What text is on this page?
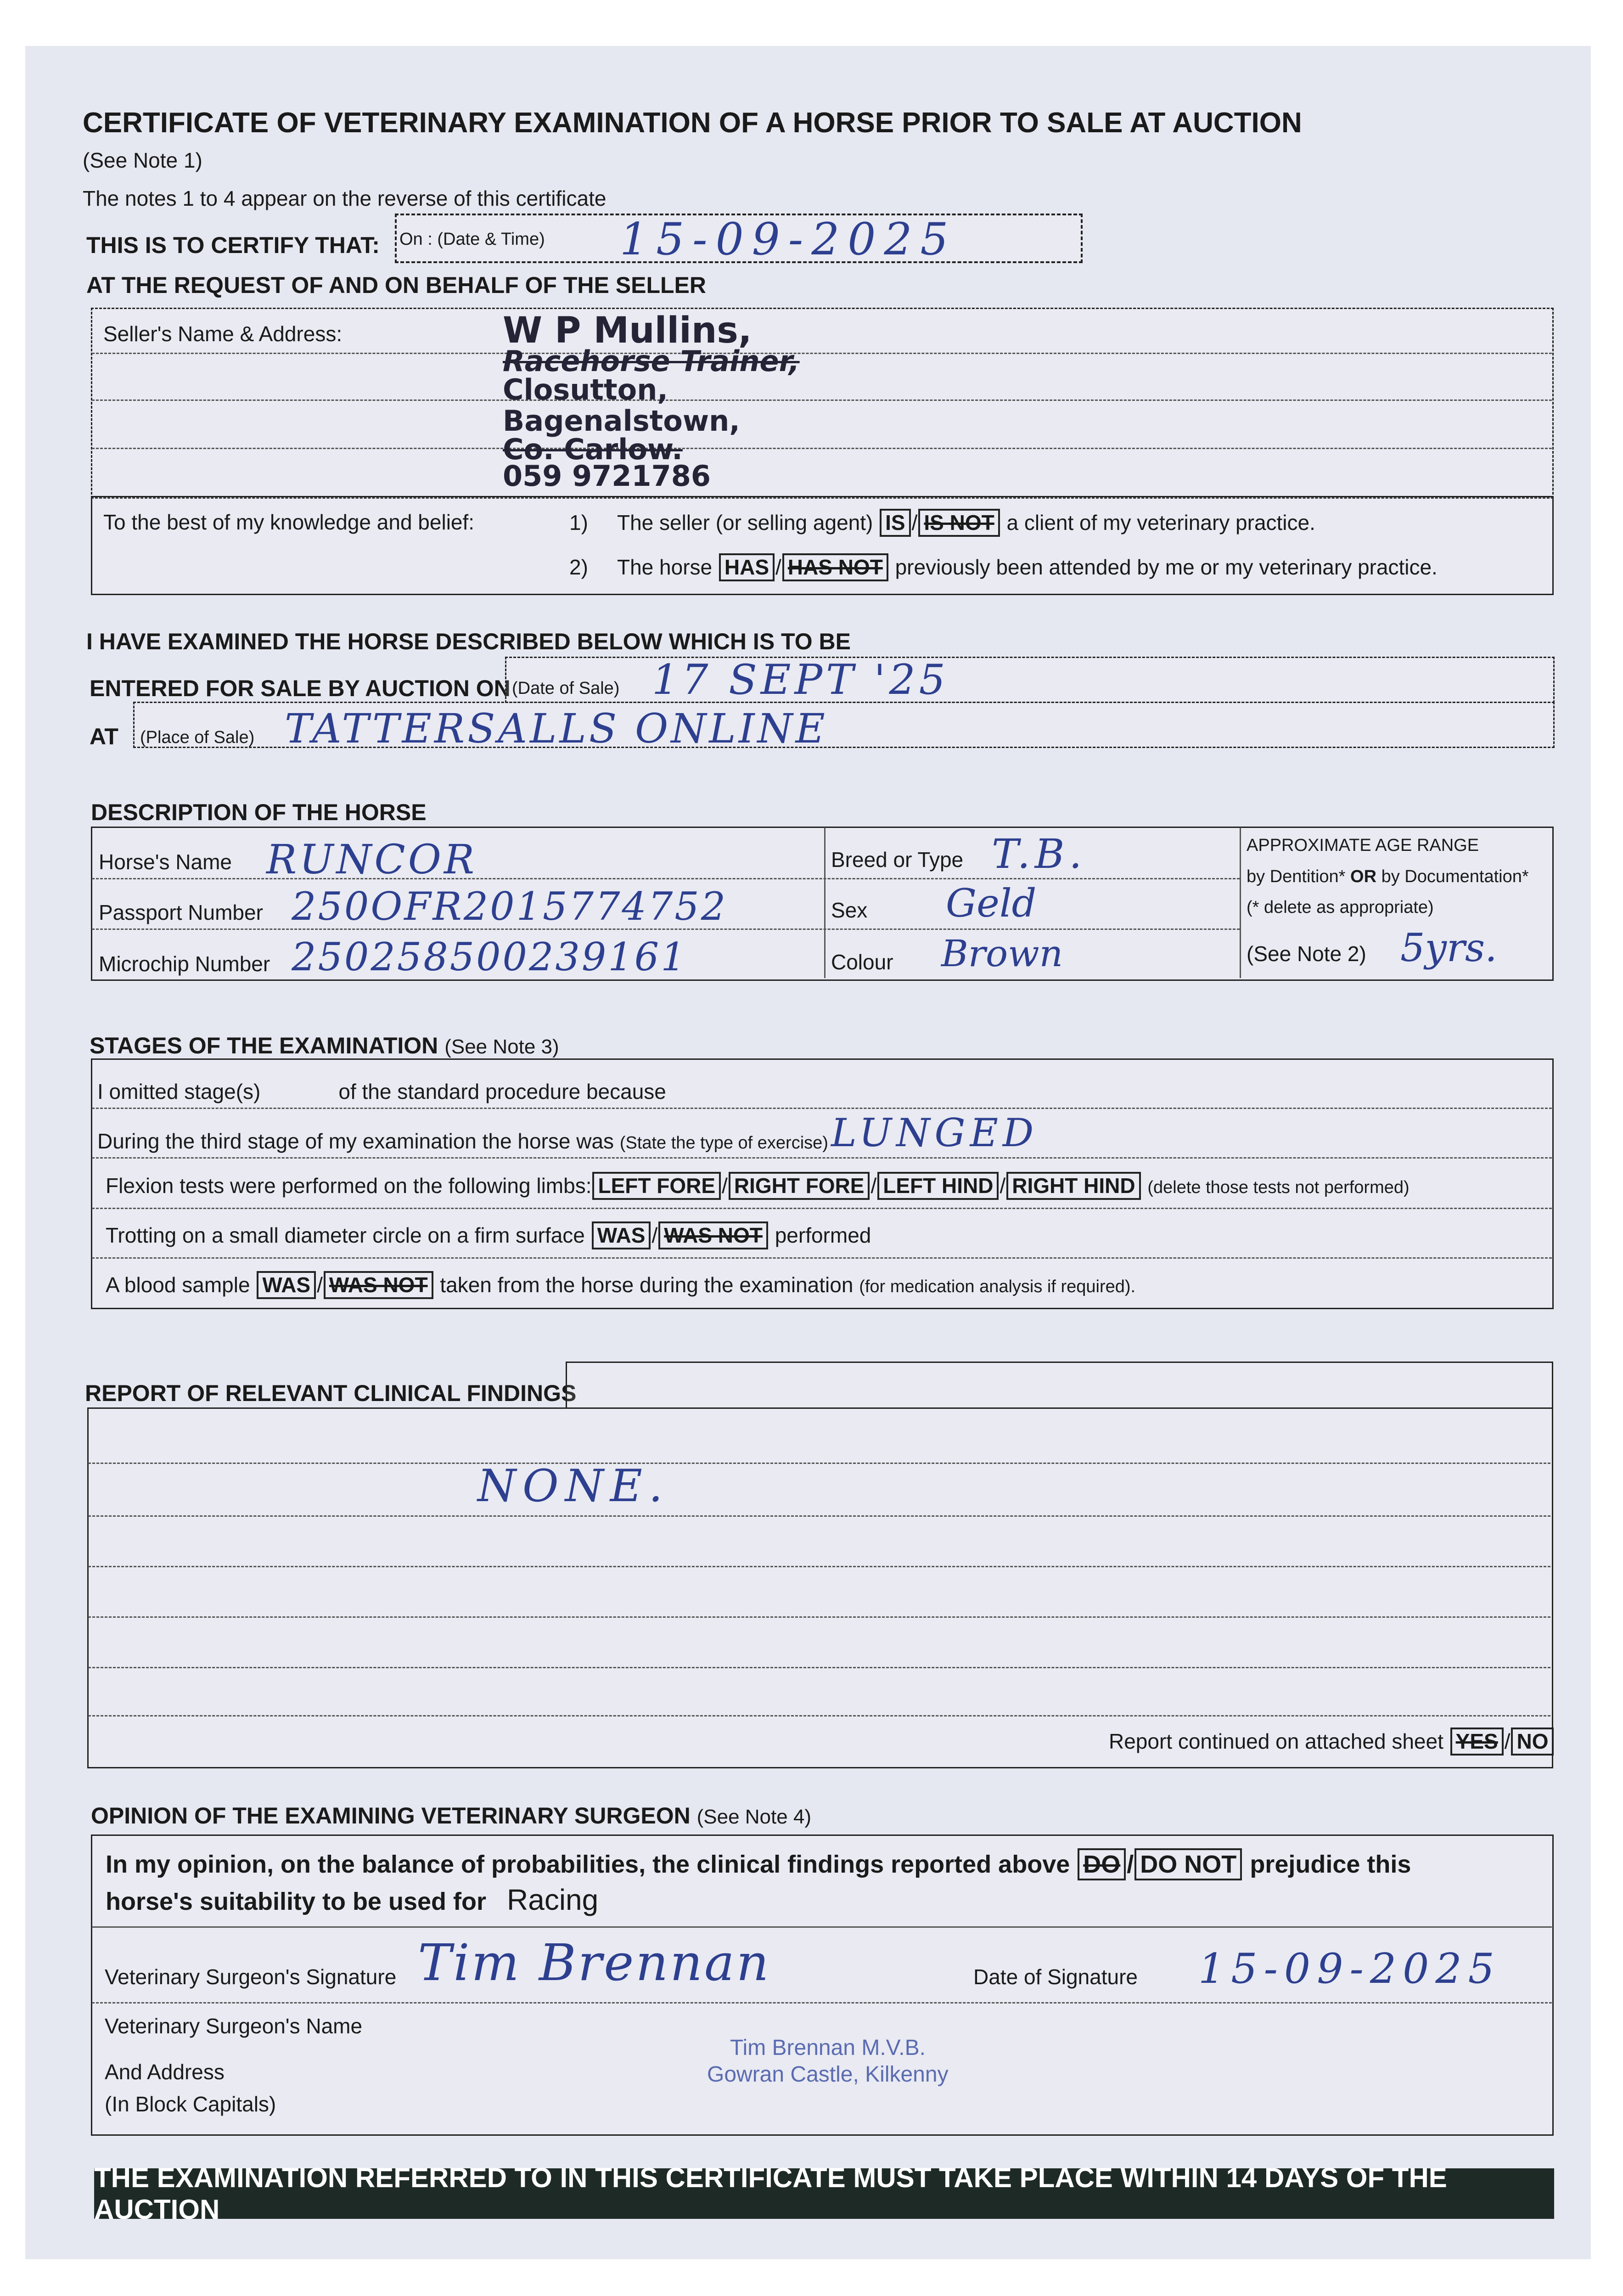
CERTIFICATE OF VETERINARY EXAMINATION OF A HORSE PRIOR TO SALE AT AUCTION
(See Note 1)
The notes 1 to 4 appear on the reverse of this certificate
THIS IS TO CERTIFY THAT: On : (Date & Time) 15-09-2025
AT THE REQUEST OF AND ON BEHALF OF THE SELLER
Seller's Name & Address:	W P Mullins,
Racehorse Trainer,
Closutton,
Bagenalstown,
Co. Carlow.
059 9721786
To the best of my knowledge and belief:	1) The seller (or selling agent) IS / IS NOT a client of my veterinary practice.
2) The horse HAS / HAS NOT previously been attended by me or my veterinary practice.
I HAVE EXAMINED THE HORSE DESCRIBED BELOW WHICH IS TO BE
ENTERED FOR SALE BY AUCTION ON (Date of Sale) 17 SEPT '25
AT (Place of Sale) TATTERSALLS ONLINE
DESCRIPTION OF THE HORSE
Horse's Name RUNCOR
Passport Number 250OFR2015774752
Microchip Number 250258500239161
Breed or Type T.B.
Sex Geld
Colour Brown
APPROXIMATE AGE RANGE
by Dentition* OR by Documentation*
(* delete as appropriate)
(See Note 2) 5yrs.
STAGES OF THE EXAMINATION (See Note 3)
I omitted stage(s)	of the standard procedure because
During the third stage of my examination the horse was (State the type of exercise) LUNGED
Flexion tests were performed on the following limbs: LEFT FORE / RIGHT FORE / LEFT HIND / RIGHT HIND (delete those tests not performed)
Trotting on a small diameter circle on a firm surface WAS / WAS NOT performed
A blood sample WAS / WAS NOT taken from the horse during the examination (for medication analysis if required).
REPORT OF RELEVANT CLINICAL FINDINGS
NONE.
Report continued on attached sheet YES / NO
OPINION OF THE EXAMINING VETERINARY SURGEON (See Note 4)
In my opinion, on the balance of probabilities, the clinical findings reported above DO / DO NOT prejudice this
horse's suitability to be used for Racing
Veterinary Surgeon's Signature Tim Brennan	Date of Signature 15-09-2025
Veterinary Surgeon's Name
And Address
(In Block Capitals)
Tim Brennan M.V.B.
Gowran Castle, Kilkenny
THE EXAMINATION REFERRED TO IN THIS CERTIFICATE MUST TAKE PLACE WITHIN 14 DAYS OF THE AUCTION
